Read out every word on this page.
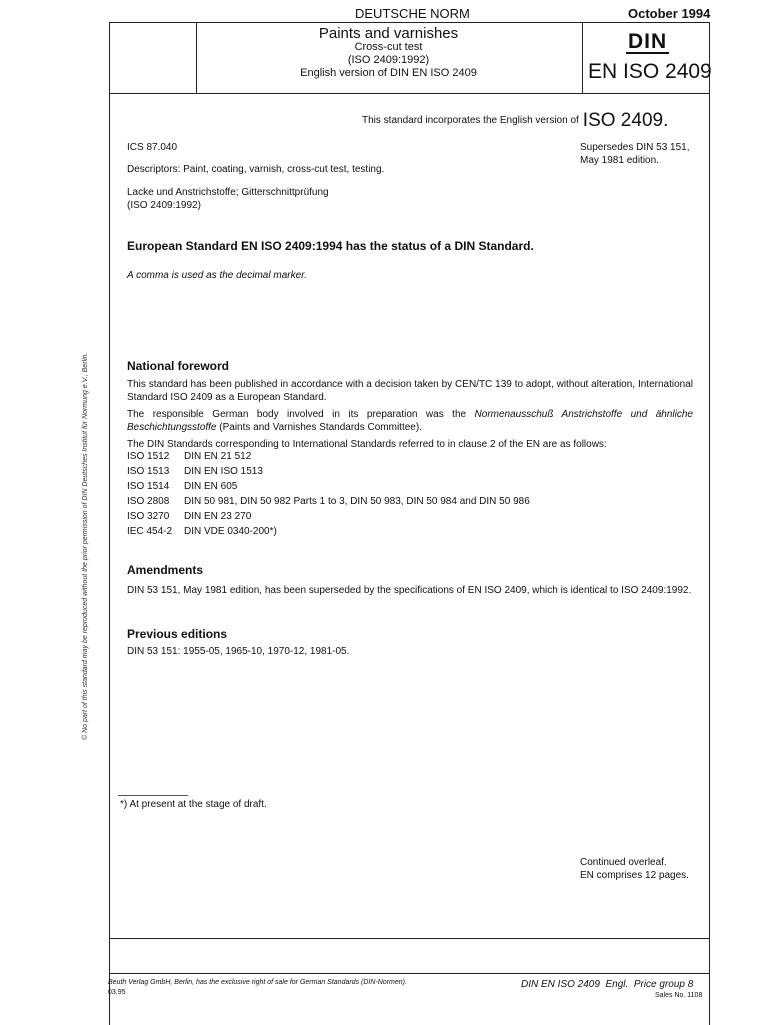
DEUTSCHE NORM	October 1994
Paints and varnishes
Cross-cut test
(ISO 2409:1992)
English version of DIN EN ISO 2409
DIN
EN ISO 2409
This standard incorporates the English version of ISO 2409.
ICS 87.040	Supersedes DIN 53 151,
May 1981 edition.
Descriptors: Paint, coating, varnish, cross-cut test, testing.
Lacke und Anstrichstoffe; Gitterschnittprüfung
(ISO 2409:1992)
European Standard EN ISO 2409:1994 has the status of a DIN Standard.
A comma is used as the decimal marker.
National foreword
This standard has been published in accordance with a decision taken by CEN/TC 139 to adopt, without alteration, International Standard ISO 2409 as a European Standard.
The responsible German body involved in its preparation was the Normenausschuß Anstrichstoffe und ähnliche Beschichtungsstoffe (Paints and Varnishes Standards Committee).
The DIN Standards corresponding to International Standards referred to in clause 2 of the EN are as follows:
ISO 1512	DIN EN 21 512
ISO 1513	DIN EN ISO 1513
ISO 1514	DIN EN 605
ISO 2808	DIN 50 981, DIN 50 982 Parts 1 to 3, DIN 50 983, DIN 50 984 and DIN 50 986
ISO 3270	DIN EN 23 270
IEC 454-2	DIN VDE 0340-200*)
Amendments
DIN 53 151, May 1981 edition, has been superseded by the specifications of EN ISO 2409, which is identical to ISO 2409:1992.
Previous editions
DIN 53 151: 1955-05, 1965-10, 1970-12, 1981-05.
*) At present at the stage of draft.
Continued overleaf.
EN comprises 12 pages.
© No part of this standard may be reproduced without the prior permission of DIN Deutsches Institut für Normung e.V., Berlin.
Beuth Verlag GmbH, Berlin, has the exclusive right of sale for German Standards (DIN-Normen).
03.95
DIN EN ISO 2409  Engl.  Price group 8
Sales No. 1108
